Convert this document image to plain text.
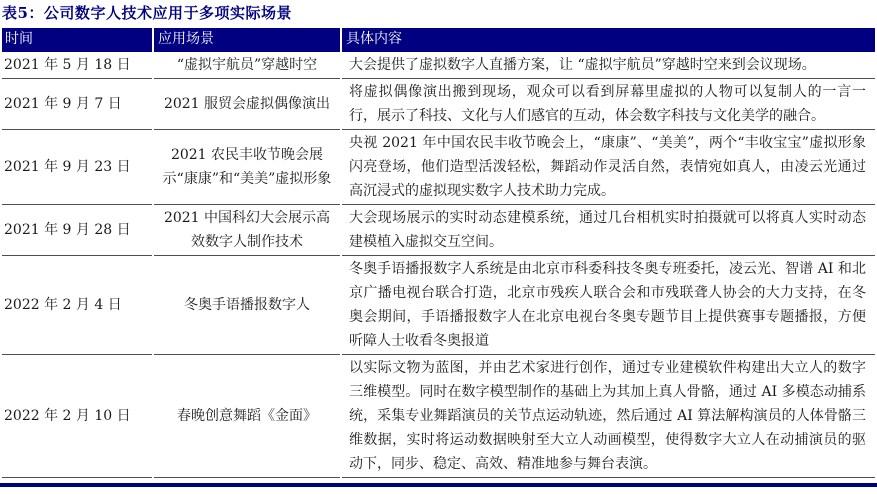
表5：公司数字人技术应用于多项实际场景
时间	应用场景	具体内容
2021 年 5 月 18 日	“虚拟宇航员”穿越时空	大会提供了虚拟数字人直播方案，让 “虚拟宇航员”穿越时空来到会议现场。
2021 年 9 月 7 日	2021 服贸会虚拟偶像演出	将虚拟偶像演出搬到现场，观众可以看到屏幕里虚拟的人物可以复制人的一言一行，展示了科技、文化与人们感官的互动，体会数字科技与文化美学的融合。
2021 年 9 月 23 日	2021 农民丰收节晚会展示“康康”和“美美”虚拟形象	央视 2021 年中国农民丰收节晚会上，“康康”、“美美”，两个“丰收宝宝”虚拟形象闪亮登场，他们造型活泼轻松，舞蹈动作灵活自然，表情宛如真人，由凌云光通过高沉浸式的虚拟现实数字人技术助力完成。
2021 年 9 月 28 日	2021 中国科幻大会展示高效数字人制作技术	大会现场展示的实时动态建模系统，通过几台相机实时拍摄就可以将真人实时动态建模植入虚拟交互空间。
2022 年 2 月 4 日	冬奥手语播报数字人	冬奥手语播报数字人系统是由北京市科委科技冬奥专班委托，凌云光、智谱 AI 和北京广播电视台联合打造，北京市残疾人联合会和市残联聋人协会的大力支持，在冬奥会期间，手语播报数字人在北京电视台冬奥专题节目上提供赛事专题播报，方便听障人士收看冬奥报道
2022 年 2 月 10 日	春晚创意舞蹈《金面》	以实际文物为蓝图，并由艺术家进行创作，通过专业建模软件构建出大立人的数字三维模型。同时在数字模型制作的基础上为其加上真人骨骼，通过 AI 多模态动捕系统，采集专业舞蹈演员的关节点运动轨迹，然后通过 AI 算法解构演员的人体骨骼三维数据，实时将运动数据映射至大立人动画模型，使得数字大立人在动捕演员的驱动下，同步、稳定、高效、精准地参与舞台表演。
